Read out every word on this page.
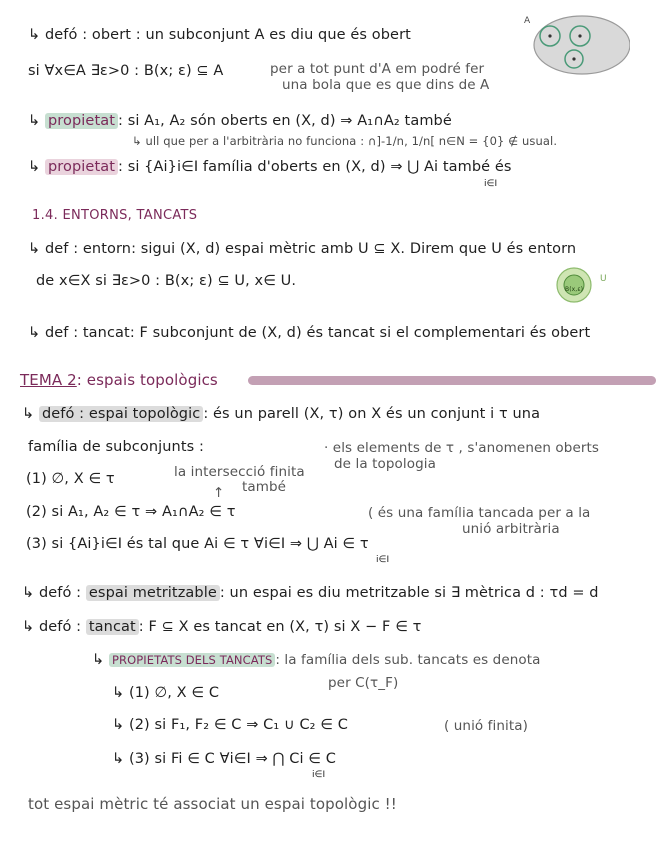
A
↳ defó : obert : un subconjunt A es diu que és obert
si ∀x∈A ∃ε>0 : B(x; ε) ⊆ A	per a tot punt d'A em podré fer
una bola que es que dins de A
↳ propietat : si A₁, A₂ són oberts en (X, d) ⇒ A₁∩A₂ també
↳ ull que per a l'arbitrària no funciona : ∩]-1/n, 1/n[ n∈N = {0} ∉ usual.
↳ propietat : si {Ai}i∈I família d'oberts en (X, d) ⇒ ⋃ Ai també és
i∈I
1.4. ENTORNS, TANCATS
↳ def : entorn: sigui (X, d) espai mètric amb U ⊆ X. Direm que U és entorn
de x∈X si ∃ε>0 : B(x; ε) ⊆ U, x∈ U.
B(x,ε)
U
↳ def : tancat: F subconjunt de (X, d) és tancat si el complementari és obert
TEMA 2: espais topològics
↳ defó : espai topològic : és un parell (X, τ) on X és un conjunt i τ una
família de subconjunts :	· els elements de τ , s'anomenen oberts
de la topologia
(1) ∅, X ∈ τ	la intersecció finita
també
↑
(2) si A₁, A₂ ∈ τ ⇒ A₁∩A₂ ∈ τ	( és una família tancada per a la
unió arbitrària
(3) si {Ai}i∈I és tal que Ai ∈ τ ∀i∈I ⇒ ⋃ Ai ∈ τ
i∈I
↳ defó : espai metritzable : un espai es diu metritzable si ∃ mètrica d : τd = d
↳ defó : tancat : F ⊆ X es tancat en (X, τ) si X − F ∈ τ
↳ PROPIETATS DELS TANCATS : la família dels sub. tancats es denota
per C(τ_F)
↳ (1) ∅, X ∈ C
↳ (2) si F₁, F₂ ∈ C ⇒ C₁ ∪ C₂ ∈ C	( unió finita)
↳ (3) si Fi ∈ C ∀i∈I ⇒ ⋂ Ci ∈ C
i∈I
tot espai mètric té associat un espai topològic !!
